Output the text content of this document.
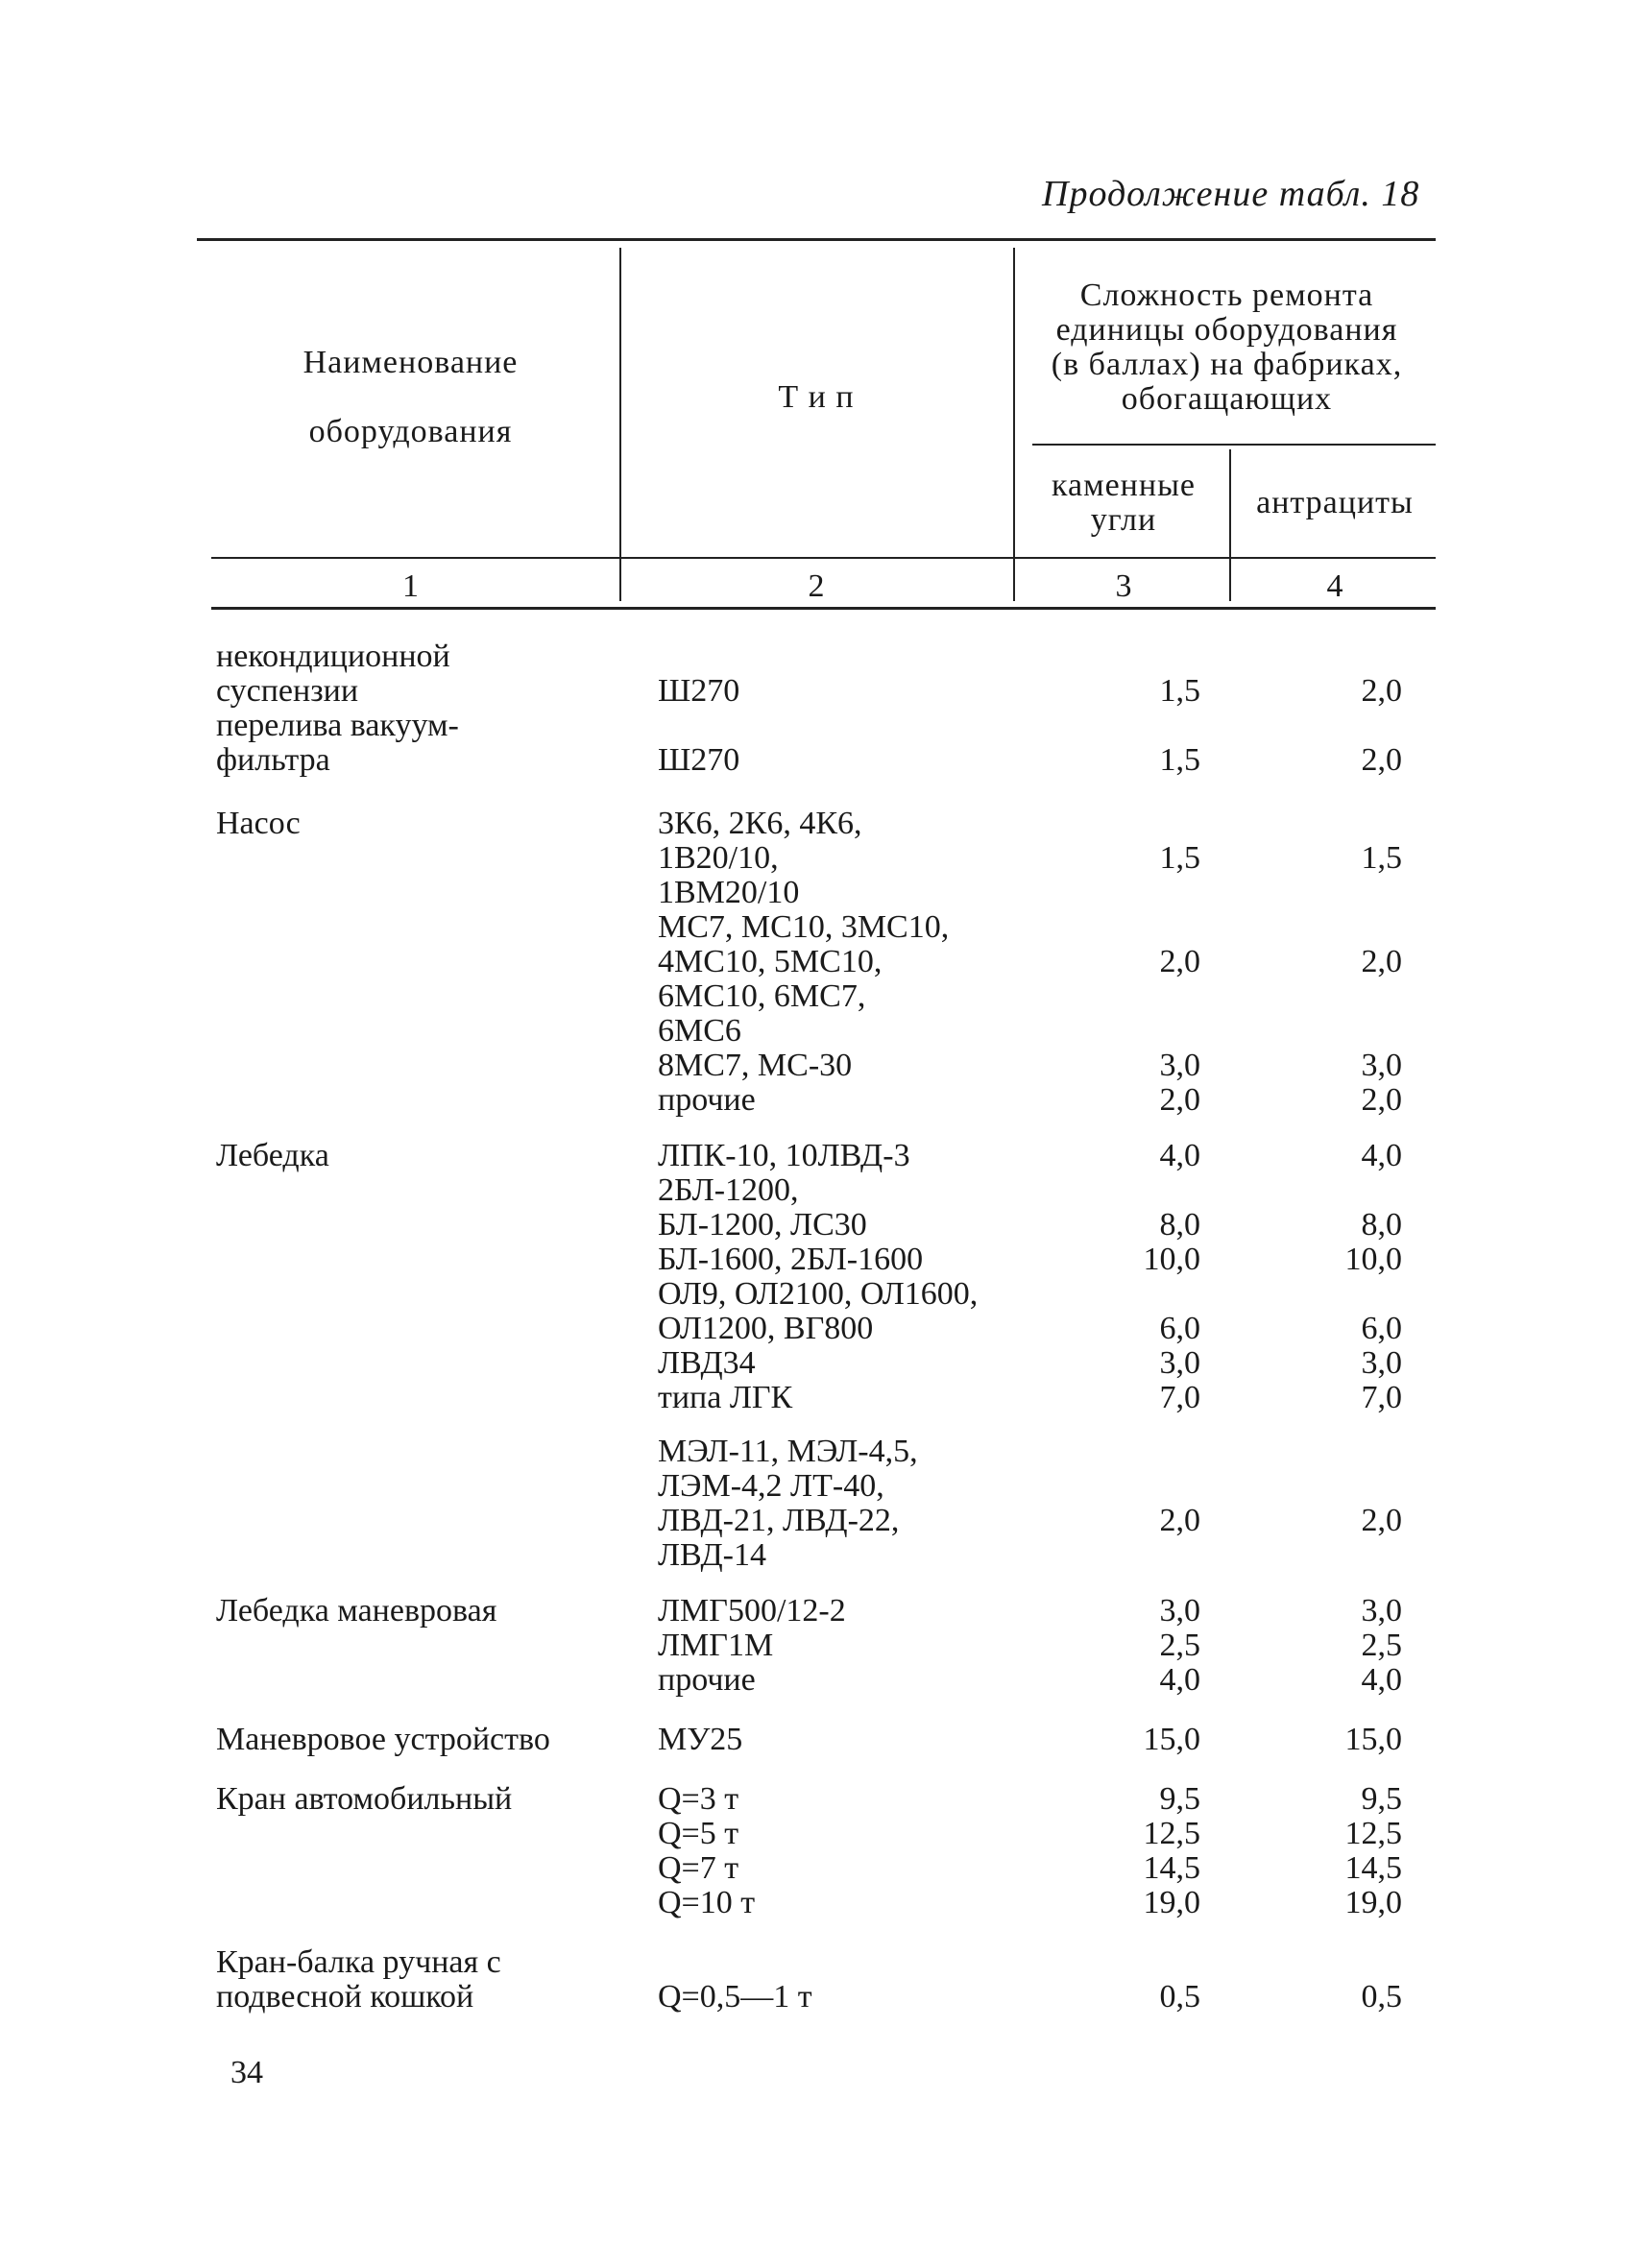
Продолжение табл. 18
Наименование
оборудования
Т и п
Сложность ремонта
единицы оборудования
(в баллах) на фабриках,
обогащающих
каменные
угли	антрациты
1	2	3	4
некондиционной
суспензии	Ш270	1,5	2,0
перелива вакуум-
фильтра	Ш270	1,5	2,0
Насос	3К6, 2К6, 4К6,
1В20/10,	1,5	1,5
1ВМ20/10
МС7, МС10, 3МС10,
4МС10, 5МС10,	2,0	2,0
6МС10, 6МС7,
6МС6
8МС7, МС-30	3,0	3,0
прочие	2,0	2,0
Лебедка	ЛПК-10, 10ЛВД-3	4,0	4,0
2БЛ-1200,
БЛ-1200, ЛС30	8,0	8,0
БЛ-1600, 2БЛ-1600	10,0	10,0
ОЛ9, ОЛ2100, ОЛ1600,
ОЛ1200, ВГ800	6,0	6,0
ЛВД34	3,0	3,0
типа ЛГК	7,0	7,0
МЭЛ-11, МЭЛ-4,5,
ЛЭМ-4,2 ЛТ-40,
ЛВД-21, ЛВД-22,	2,0	2,0
ЛВД-14
Лебедка маневровая	ЛМГ500/12-2	3,0	3,0
ЛМГ1М	2,5	2,5
прочие	4,0	4,0
Маневровое устройство	МУ25	15,0	15,0
Кран автомобильный	Q=3 т	9,5	9,5
Q=5 т	12,5	12,5
Q=7 т	14,5	14,5
Q=10 т	19,0	19,0
Кран-балка ручная с
подвесной кошкой	Q=0,5—1 т	0,5	0,5
34
